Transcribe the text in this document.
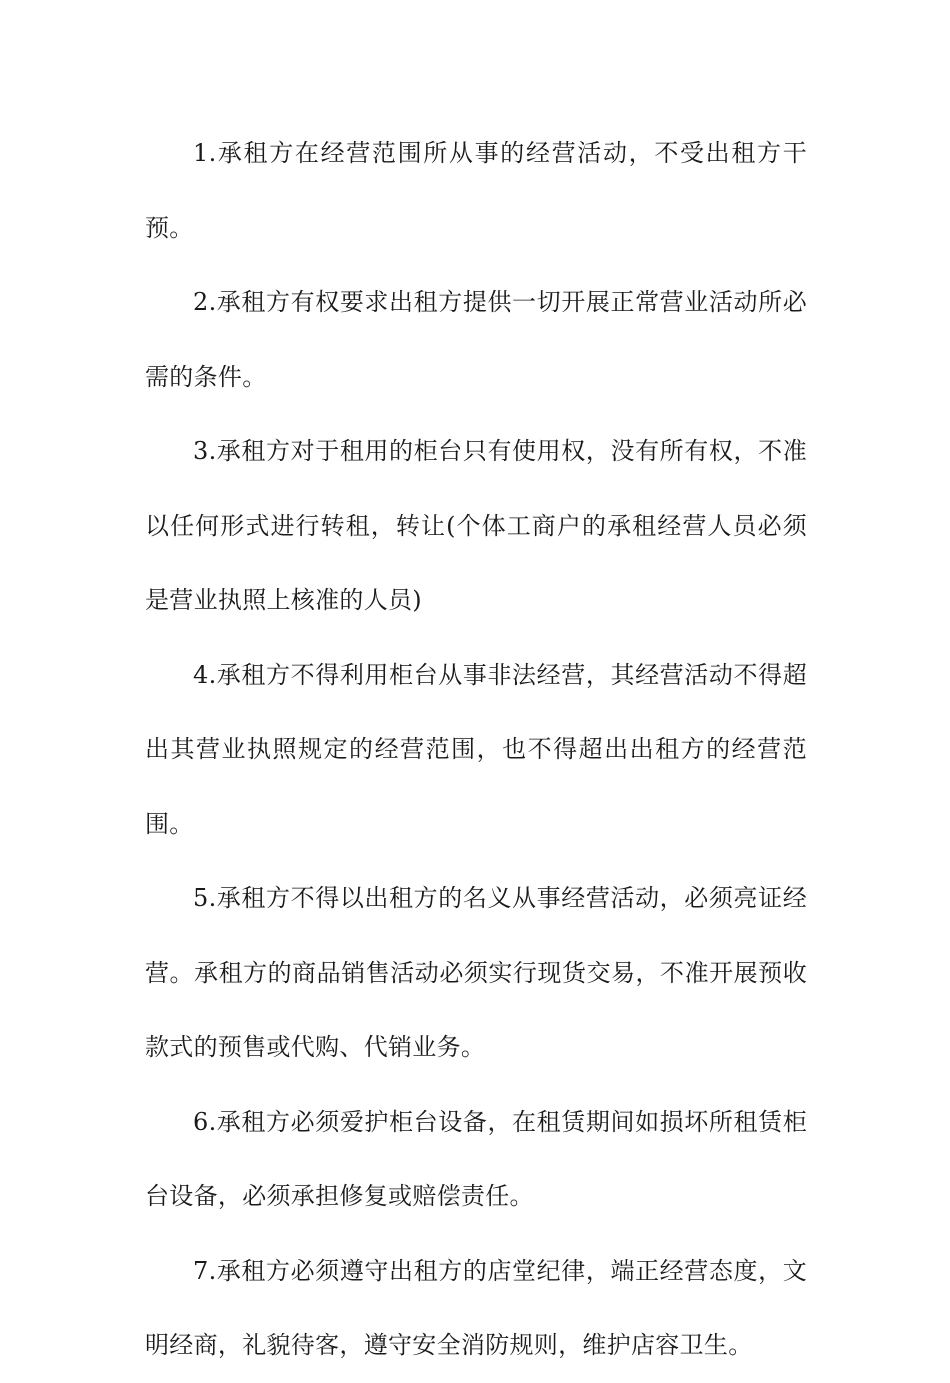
1.承租方在经营范围所从事的经营活动，不受出租方干预。

2.承租方有权要求出租方提供一切开展正常营业活动所必需的条件。

3.承租方对于租用的柜台只有使用权，没有所有权，不准以任何形式进行转租，转让(个体工商户的承租经营人员必须是营业执照上核准的人员)

4.承租方不得利用柜台从事非法经营，其经营活动不得超出其营业执照规定的经营范围，也不得超出出租方的经营范围。

5.承租方不得以出租方的名义从事经营活动，必须亮证经营。承租方的商品销售活动必须实行现货交易，不准开展预收款式的预售或代购、代销业务。

6.承租方必须爱护柜台设备，在租赁期间如损坏所租赁柜台设备，必须承担修复或赔偿责任。

7.承租方必须遵守出租方的店堂纪律，端正经营态度，文明经商，礼貌待客，遵守安全消防规则，维护店容卫生。
